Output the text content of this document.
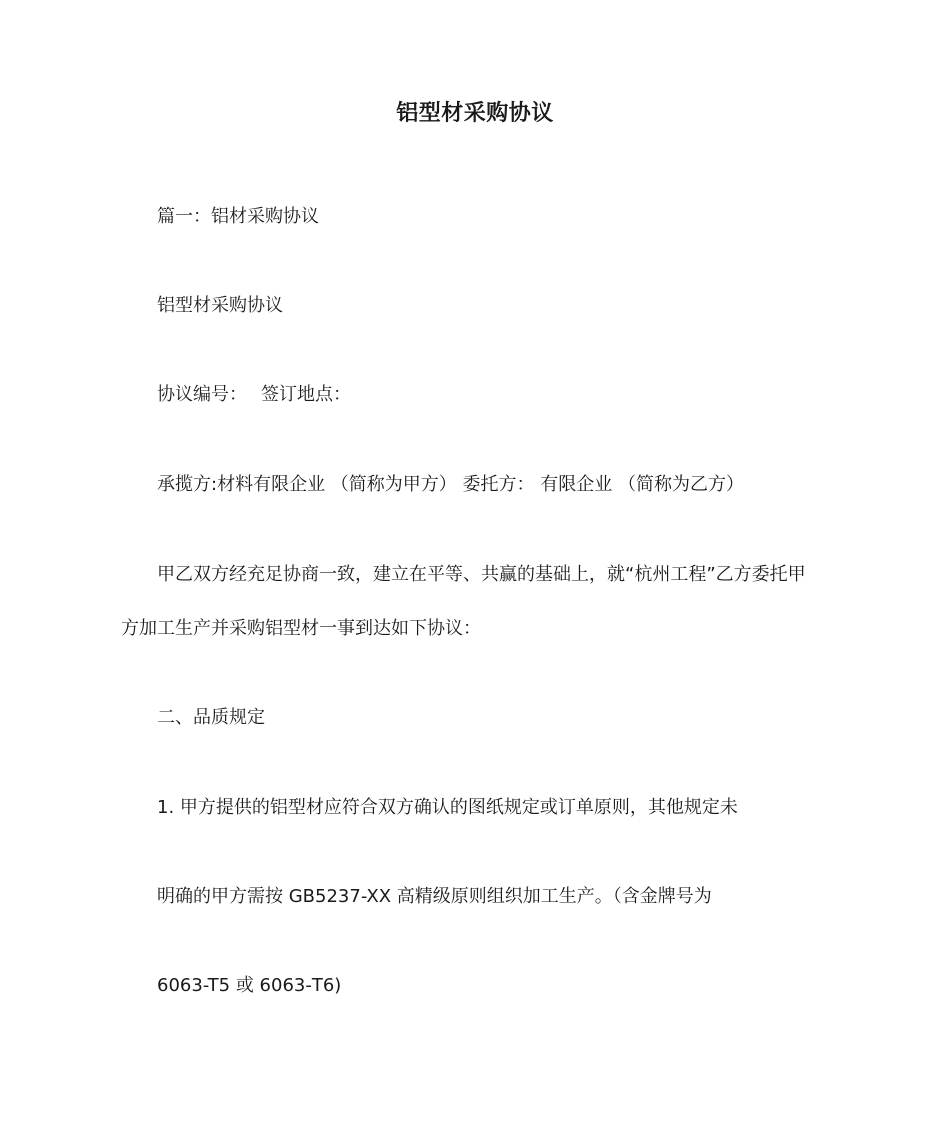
铝型材采购协议
篇一：铝材采购协议
铝型材采购协议
协议编号： 签订地点：
承揽方:材料有限企业 （简称为甲方） 委托方： 有限企业 （简称为乙方）
甲乙双方经充足协商一致，建立在平等、共赢的基础上，就“杭州工程”乙方委托甲
方加工生产并采购铝型材一事到达如下协议：
二、品质规定
1. 甲方提供的铝型材应符合双方确认的图纸规定或订单原则，其他规定未
明确的甲方需按 GB5237-XX 高精级原则组织加工生产。（含金牌号为
6063-T5 或 6063-T6)
